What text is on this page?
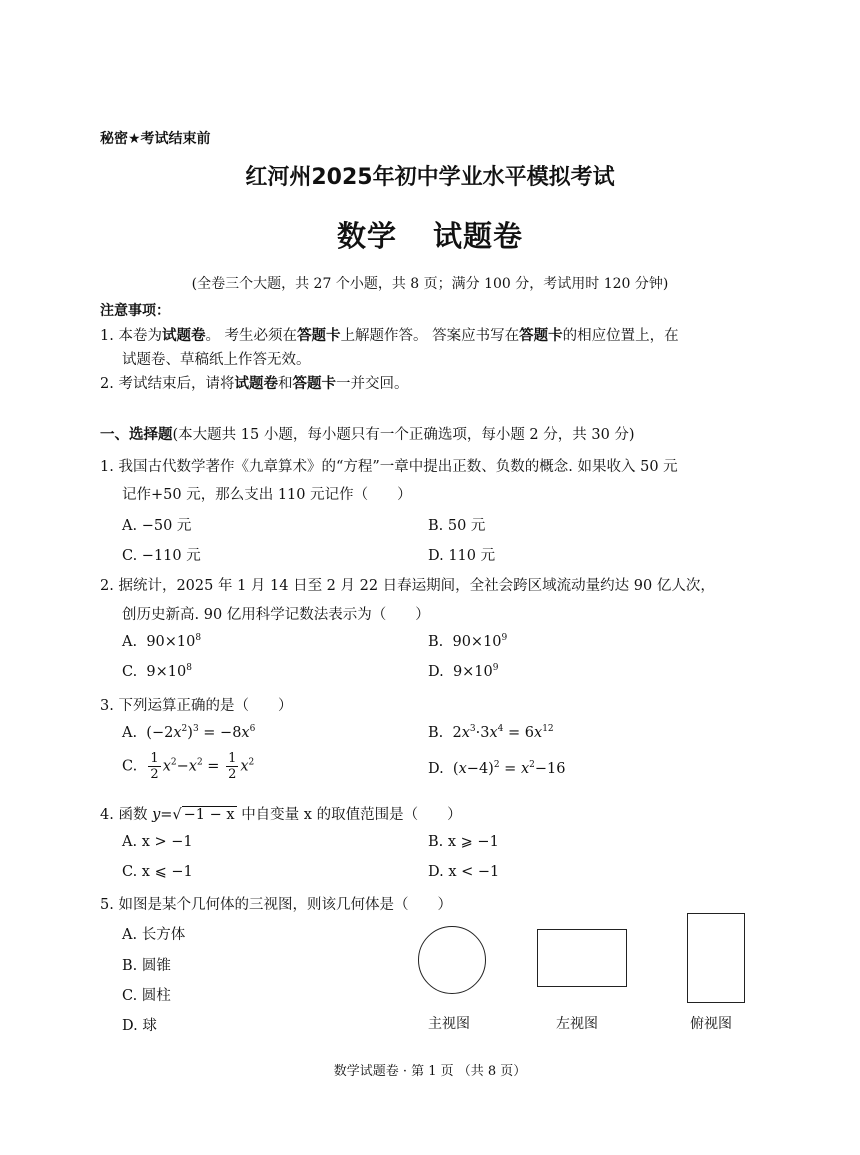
秘密★考试结束前
红河州2025年初中学业水平模拟考试
数学 试题卷
(全卷三个大题，共 27 个小题，共 8 页；满分 100 分，考试用时 120 分钟)
注意事项：
1. 本卷为试题卷。 考生必须在答题卡上解题作答。 答案应书写在答题卡的相应位置上，在
试题卷、草稿纸上作答无效。
2. 考试结束后，请将试题卷和答题卡一并交回。
一、选择题(本大题共 15 小题，每小题只有一个正确选项，每小题 2 分，共 30 分)
1. 我国古代数学著作《九章算术》的“方程”一章中提出正数、负数的概念. 如果收入 50 元
记作+50 元，那么支出 110 元记作（　　）
A. −50 元	B. 50 元
C. −110 元	D. 110 元
2. 据统计，2025 年 1 月 14 日至 2 月 22 日春运期间，全社会跨区域流动量约达 90 亿人次，
创历史新高. 90 亿用科学记数法表示为（　　）
A. $90\times 10^8$	B. $90\times 10^9$
C. $9\times 10^8$	D. $9\times 10^9$
3. 下列运算正确的是（　　）
A.  $(-2x^2)^3 = -8x^6$	B.  $2x^3\cdot 3x^4 = 6x^{12}$
C. $\frac{1}{2} x^2-x^2 = \frac{1}{2} x^2$	D.  $(x-4)^2 = x^2-16$
4. 函数 y=√ −1 − x 中自变量 x 的取值范围是（　　）
A. x > −1	B. x ⩾ −1
C. x ⩽ −1	D. x < −1
5. 如图是某个几何体的三视图，则该几何体是（　　）
A. 长方体
B. 圆锥
C. 圆柱
D. 球	主视图	左视图	俯视图
数学试题卷 · 第 1 页 （共 8 页）
